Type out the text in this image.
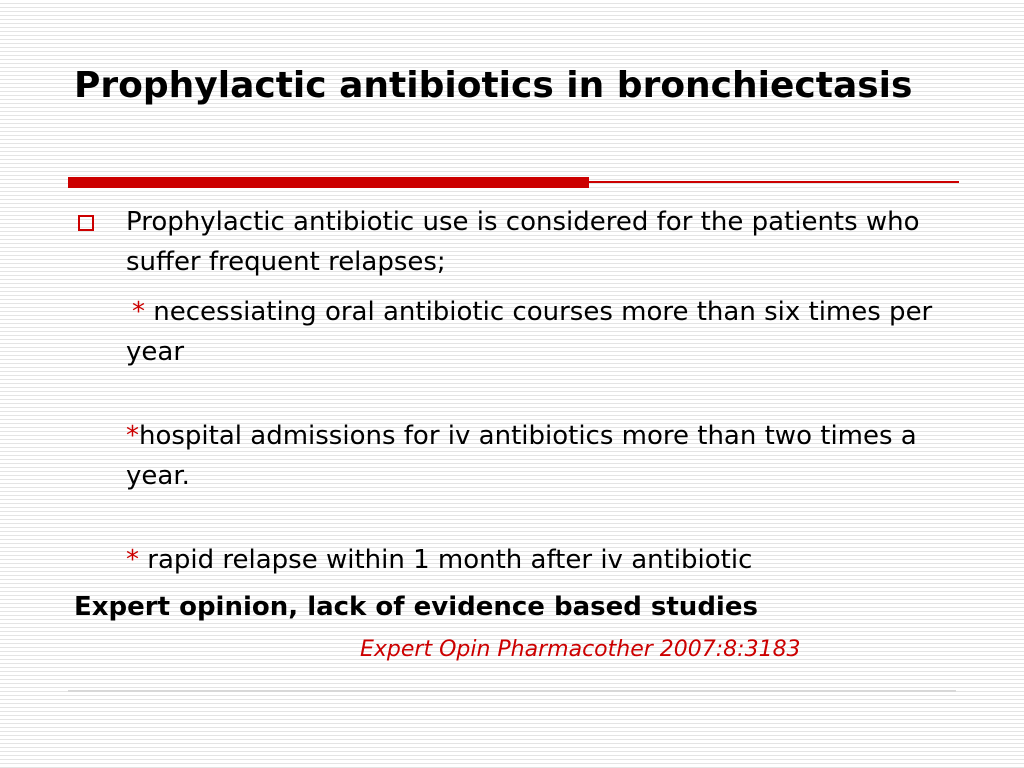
Prophylactic antibiotics in bronchiectasis
Prophylactic antibiotic use is considered for the patients who suffer frequent relapses;
* necessiating oral antibiotic courses more than six times per year
*hospital admissions for iv antibiotics more than two times a year.
* rapid relapse within 1 month after iv antibiotic
Expert opinion, lack of evidence based studies
Expert Opin Pharmacother 2007:8:3183
